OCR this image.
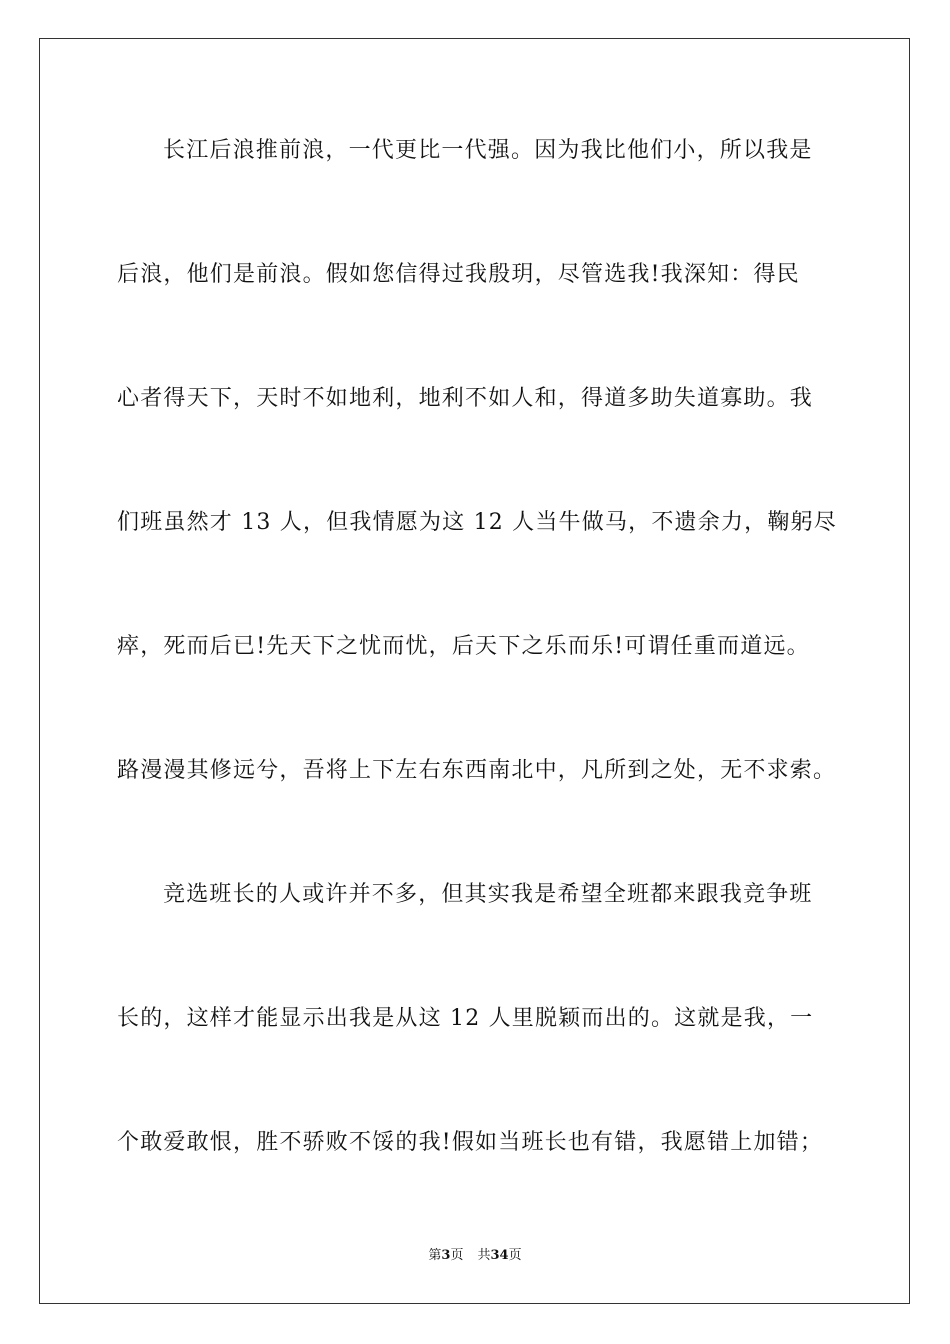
长江后浪推前浪，一代更比一代强。因为我比他们小，所以我是
后浪，他们是前浪。假如您信得过我殷玥，尽管选我!我深知：得民
心者得天下，天时不如地利，地利不如人和，得道多助失道寡助。我
们班虽然才 13 人，但我情愿为这 12 人当牛做马，不遗余力，鞠躬尽
瘁，死而后已!先天下之忧而忧，后天下之乐而乐!可谓任重而道远。
路漫漫其修远兮，吾将上下左右东西南北中，凡所到之处，无不求索。
竞选班长的人或许并不多，但其实我是希望全班都来跟我竞争班
长的，这样才能显示出我是从这 12 人里脱颖而出的。这就是我，一
个敢爱敢恨，胜不骄败不馁的我!假如当班长也有错，我愿错上加错；
第3页 共34页
